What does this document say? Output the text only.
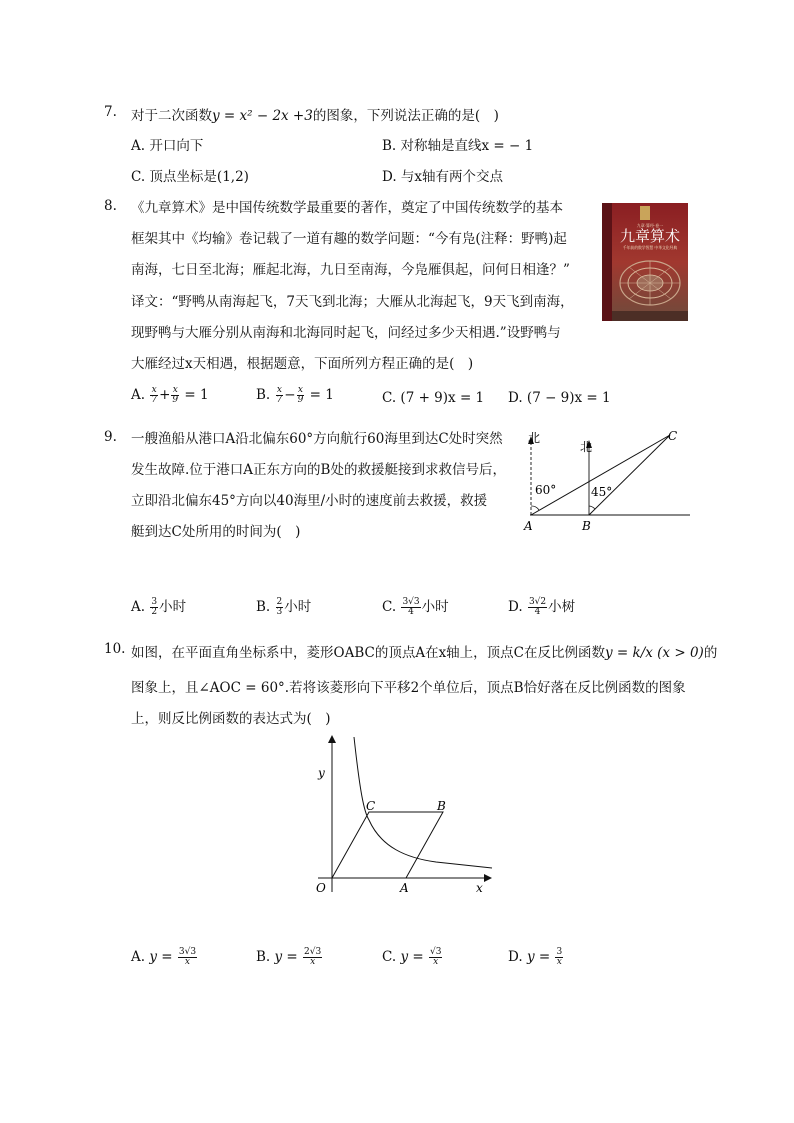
7. 对于二次函数y = x² − 2x +3的图象，下列说法正确的是(　)
A. 开口向下	B. 对称轴是直线x = − 1
C. 顶点坐标是(1,2)	D. 与x轴有两个交点
8. 《九章算术》是中国传统数学最重要的著作，奠定了中国传统数学的基本
框架其中《均输》卷记载了一道有趣的数学问题：“今有凫(注释：野鸭)起
南海，七日至北海；雁起北海，九日至南海，今凫雁俱起，问何日相逢？”
译文：“野鸭从南海起飞，7天飞到北海；大雁从北海起飞，9天飞到南海，
现野鸭与大雁分别从南海和北海同时起飞，问经过多少天相遇.”设野鸭与
大雁经过x天相遇，根据题意，下面所列方程正确的是(　)
九章算术
九章·算经·卷一
千年前的数学智慧 中华文化经典
A. $\frac{x}{7} + \frac{x}{9} = 1$	B. $\frac{x}{7} - \frac{x}{9} = 1$	C. (7 + 9)x = 1 D. (7 − 9)x = 1
9. 一艘渔船从港口A沿北偏东60°方向航行60海里到达C处时突然
发生故障.位于港口A正东方向的B处的救援艇接到求救信号后，
立即沿北偏东45°方向以40海里/小时的速度前去救援，救援
艇到达C处所用的时间为(　)
北
北
60°	45°
A	B
C
A. $\frac{3}{2}$ 小时	B. $\frac{2}{3}$ 小时	C. $\frac{3√3}{4}$ 小时	D. $\frac{3√2}{4}$ 小树
10. 如图，在平面直角坐标系中，菱形OABC的顶点A在x轴上，顶点C在反比例函数y = k/x (x > 0)的
图象上，且∠AOC = 60°.若将该菱形向下平移2个单位后，顶点B恰好落在反比例函数的图象
上，则反比例函数的表达式为(　)
y
x
O	A
B
C
A. $y = \frac{3√3}{x}$	B. $y = \frac{2√3}{x}$	C. $y = \frac{√3}{x}$	D. $y = \frac{3}{x}$
